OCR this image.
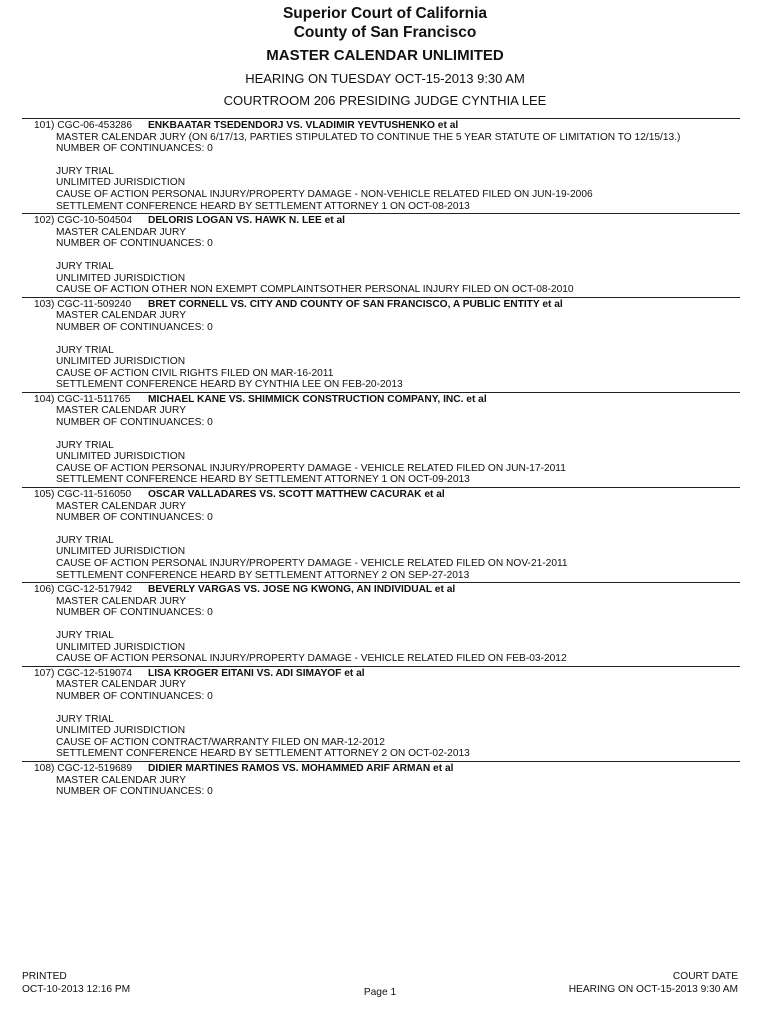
Superior Court of California
County of San Francisco
MASTER CALENDAR UNLIMITED
HEARING ON TUESDAY OCT-15-2013 9:30 AM
COURTROOM 206 PRESIDING JUDGE CYNTHIA LEE
101) CGC-06-453286 ENKBAATAR TSEDENDORJ VS. VLADIMIR YEVTUSHENKO et al
MASTER CALENDAR JURY (ON 6/17/13, PARTIES STIPULATED TO CONTINUE THE 5 YEAR STATUTE OF LIMITATION TO 12/15/13.)
NUMBER OF CONTINUANCES: 0
JURY TRIAL
UNLIMITED JURISDICTION
CAUSE OF ACTION PERSONAL INJURY/PROPERTY DAMAGE - NON-VEHICLE RELATED FILED ON JUN-19-2006
SETTLEMENT CONFERENCE HEARD BY SETTLEMENT ATTORNEY 1 ON OCT-08-2013
102) CGC-10-504504 DELORIS LOGAN VS. HAWK N. LEE et al
MASTER CALENDAR JURY
NUMBER OF CONTINUANCES: 0
JURY TRIAL
UNLIMITED JURISDICTION
CAUSE OF ACTION OTHER NON EXEMPT COMPLAINTSOTHER PERSONAL INJURY FILED ON OCT-08-2010
103) CGC-11-509240 BRET CORNELL VS. CITY AND COUNTY OF SAN FRANCISCO, A PUBLIC ENTITY et al
MASTER CALENDAR JURY
NUMBER OF CONTINUANCES: 0
JURY TRIAL
UNLIMITED JURISDICTION
CAUSE OF ACTION CIVIL RIGHTS FILED ON MAR-16-2011
SETTLEMENT CONFERENCE HEARD BY CYNTHIA LEE ON FEB-20-2013
104) CGC-11-511765 MICHAEL KANE VS. SHIMMICK CONSTRUCTION COMPANY, INC. et al
MASTER CALENDAR JURY
NUMBER OF CONTINUANCES: 0
JURY TRIAL
UNLIMITED JURISDICTION
CAUSE OF ACTION PERSONAL INJURY/PROPERTY DAMAGE - VEHICLE RELATED FILED ON JUN-17-2011
SETTLEMENT CONFERENCE HEARD BY SETTLEMENT ATTORNEY 1 ON OCT-09-2013
105) CGC-11-516050 OSCAR VALLADARES VS. SCOTT MATTHEW CACURAK et al
MASTER CALENDAR JURY
NUMBER OF CONTINUANCES: 0
JURY TRIAL
UNLIMITED JURISDICTION
CAUSE OF ACTION PERSONAL INJURY/PROPERTY DAMAGE - VEHICLE RELATED FILED ON NOV-21-2011
SETTLEMENT CONFERENCE HEARD BY SETTLEMENT ATTORNEY 2 ON SEP-27-2013
106) CGC-12-517942 BEVERLY VARGAS VS. JOSE NG KWONG, AN INDIVIDUAL et al
MASTER CALENDAR JURY
NUMBER OF CONTINUANCES: 0
JURY TRIAL
UNLIMITED JURISDICTION
CAUSE OF ACTION PERSONAL INJURY/PROPERTY DAMAGE - VEHICLE RELATED FILED ON FEB-03-2012
107) CGC-12-519074 LISA KROGER EITANI VS. ADI SIMAYOF et al
MASTER CALENDAR JURY
NUMBER OF CONTINUANCES: 0
JURY TRIAL
UNLIMITED JURISDICTION
CAUSE OF ACTION CONTRACT/WARRANTY FILED ON MAR-12-2012
SETTLEMENT CONFERENCE HEARD BY SETTLEMENT ATTORNEY 2 ON OCT-02-2013
108) CGC-12-519689 DIDIER MARTINES RAMOS VS. MOHAMMED ARIF ARMAN et al
MASTER CALENDAR JURY
NUMBER OF CONTINUANCES: 0
PRINTED
OCT-10-2013 12:16 PM	Page 1
COURT DATE
HEARING ON OCT-15-2013 9:30 AM
